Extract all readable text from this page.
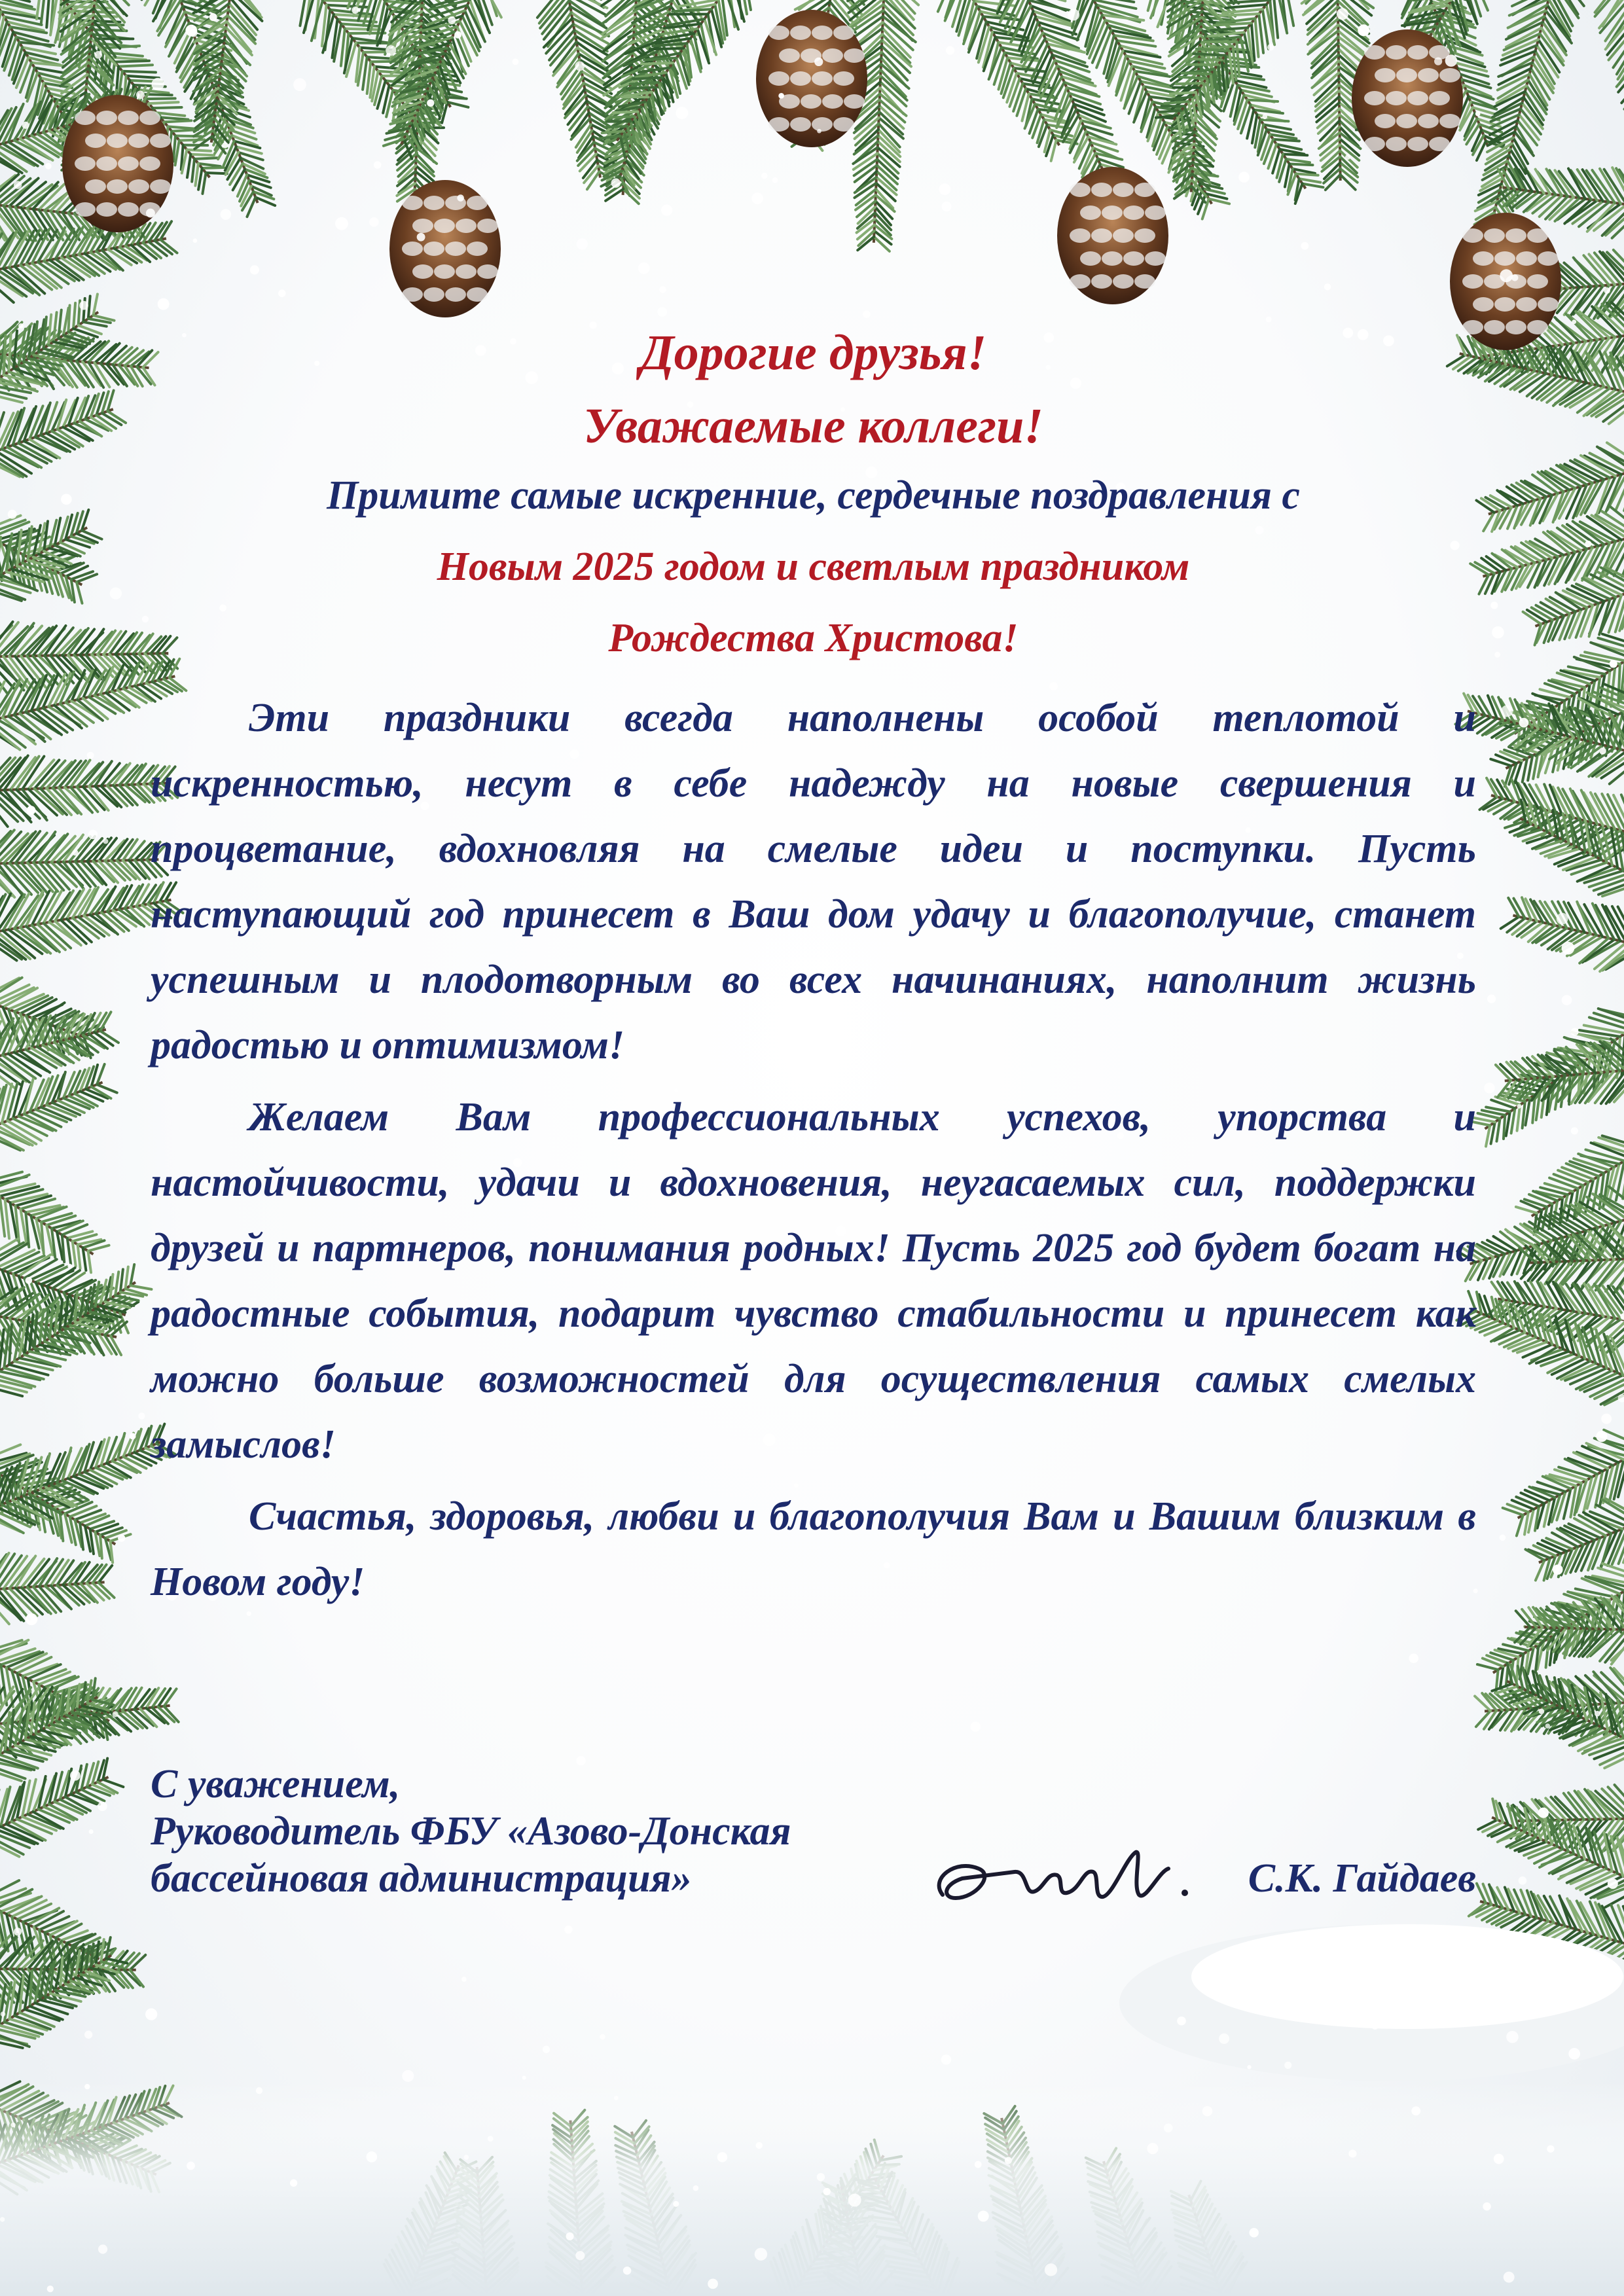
Дорогие друзья!

Уважаемые коллеги!

Примите самые искренние, сердечные поздравления с

Новым 2025 годом и светлым праздником

Рождества Христова!

Эти праздники всегда наполнены особой теплотой и искренностью, несут в себе надежду на новые свершения и процветание, вдохновляя на смелые идеи и поступки. Пусть наступающий год принесет в Ваш дом удачу и благополучие, станет успешным и плодотворным во всех начинаниях, наполнит жизнь радостью и оптимизмом!

Желаем Вам профессиональных успехов, упорства и настойчивости, удачи и вдохновения, неугасаемых сил, поддержки друзей и партнеров, понимания родных! Пусть 2025 год будет богат на радостные события, подарит чувство стабильности и принесет как можно больше возможностей для осуществления самых смелых замыслов!

Счастья, здоровья, любви и благополучия Вам и Вашим близким в Новом году!

С уважением,
Руководитель ФБУ «Азово-Донская
бассейновая администрация»	С.К. Гайдаев
